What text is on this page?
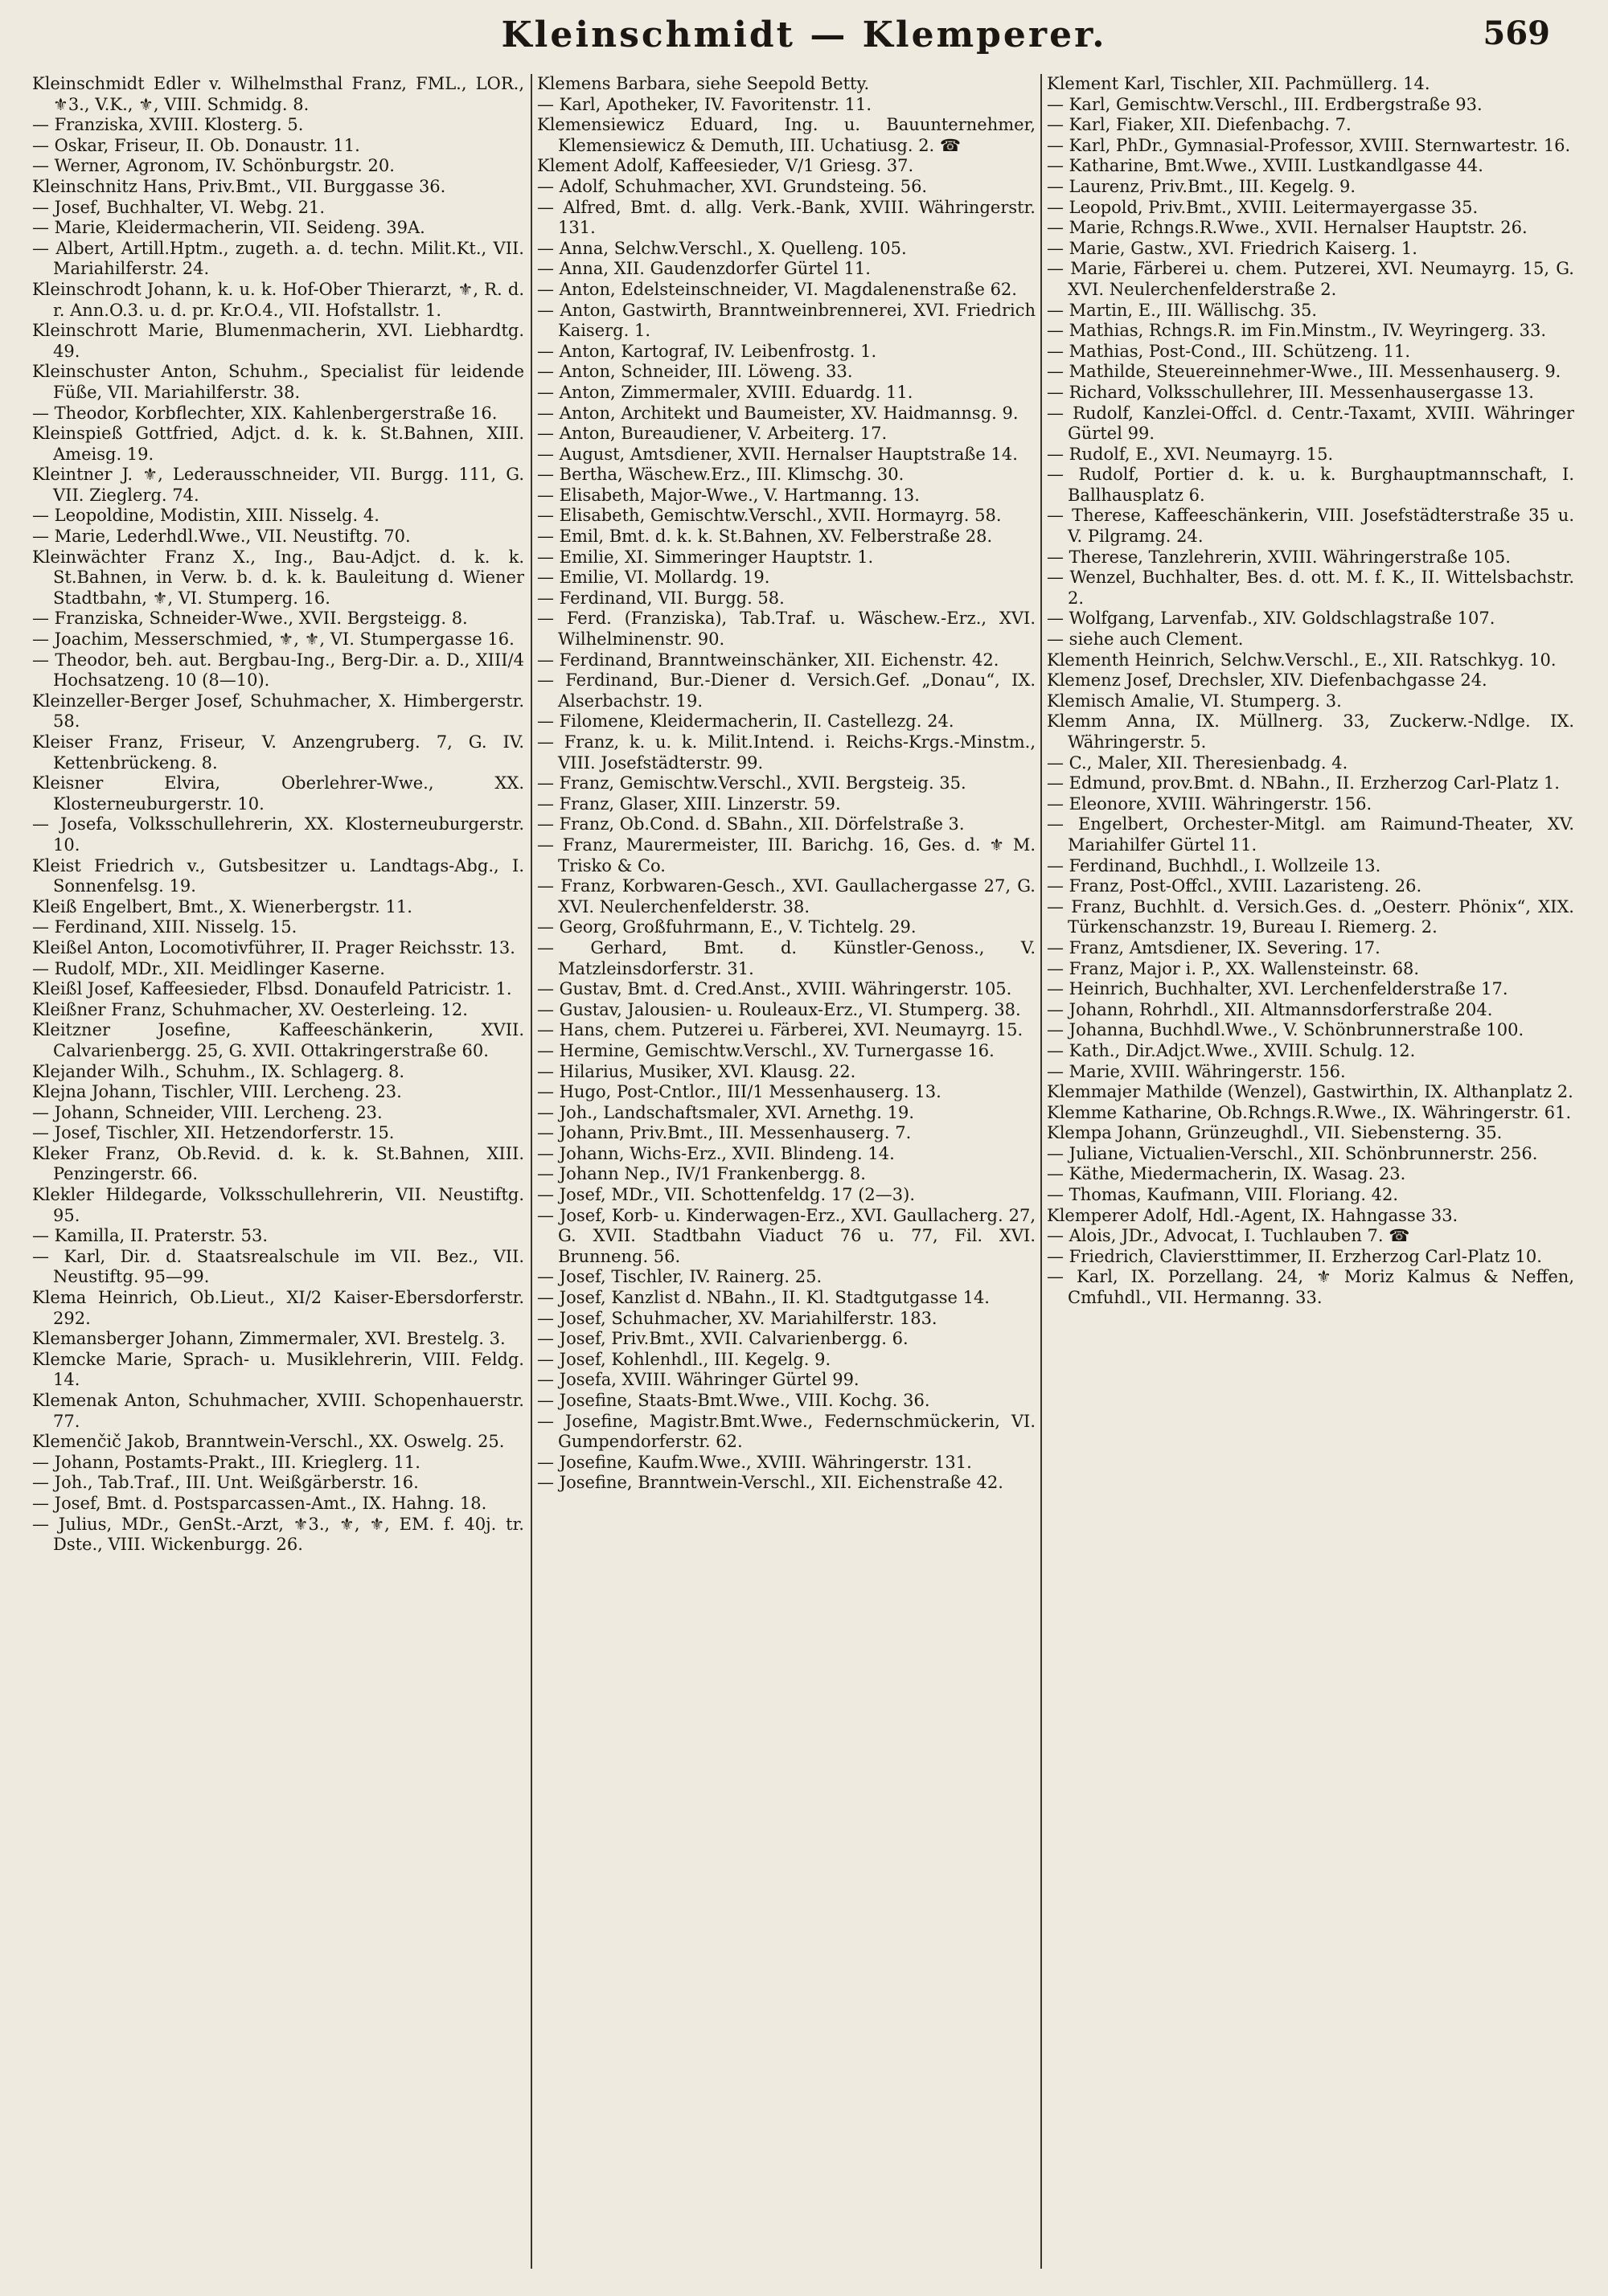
Kleinschmidt — Klemperer.	569
Kleinschmidt Edler v. Wilhelmsthal Franz, FML., LOR., ⚜3., V.K., ⚜, VIII. Schmidg. 8.
— Franziska, XVIII. Klosterg. 5.
— Oskar, Friseur, II. Ob. Donaustr. 11.
— Werner, Agronom, IV. Schönburgstr. 20.
Kleinschnitz Hans, Priv.Bmt., VII. Burggasse 36.
— Josef, Buchhalter, VI. Webg. 21.
— Marie, Kleidermacherin, VII. Seideng. 39A.
— Albert, Artill.Hptm., zugeth. a. d. techn. Milit.Kt., VII. Mariahilferstr. 24.
Kleinschrodt Johann, k. u. k. Hof-Ober Thierarzt, ⚜, R. d. r. Ann.O.3. u. d. pr. Kr.O.4., VII. Hofstallstr. 1.
Kleinschrott Marie, Blumenmacherin, XVI. Liebhardtg. 49.
Kleinschuster Anton, Schuhm., Specialist für leidende Füße, VII. Mariahilferstr. 38.
— Theodor, Korbflechter, XIX. Kahlenbergerstraße 16.
Kleinspieß Gottfried, Adjct. d. k. k. St.Bahnen, XIII. Ameisg. 19.
Kleintner J. ⚜, Lederausschneider, VII. Burgg. 111, G. VII. Zieglerg. 74.
— Leopoldine, Modistin, XIII. Nisselg. 4.
— Marie, Lederhdl.Wwe., VII. Neustiftg. 70.
Kleinwächter Franz X., Ing., Bau-Adjct. d. k. k. St.Bahnen, in Verw. b. d. k. k. Bauleitung d. Wiener Stadtbahn, ⚜, VI. Stumperg. 16.
— Franziska, Schneider-Wwe., XVII. Bergsteigg. 8.
— Joachim, Messerschmied, ⚜, ⚜, VI. Stumpergasse 16.
— Theodor, beh. aut. Bergbau-Ing., Berg-Dir. a. D., XIII/4 Hochsatzeng. 10 (8—10).
Kleinzeller-Berger Josef, Schuhmacher, X. Himbergerstr. 58.
Kleiser Franz, Friseur, V. Anzengruberg. 7, G. IV. Kettenbrückeng. 8.
Kleisner Elvira, Oberlehrer-Wwe., XX. Klosterneuburgerstr. 10.
— Josefa, Volksschullehrerin, XX. Klosterneuburgerstr. 10.
Kleist Friedrich v., Gutsbesitzer u. Landtags-Abg., I. Sonnenfelsg. 19.
Kleiß Engelbert, Bmt., X. Wienerbergstr. 11.
— Ferdinand, XIII. Nisselg. 15.
Kleißel Anton, Locomotivführer, II. Prager Reichsstr. 13.
— Rudolf, MDr., XII. Meidlinger Kaserne.
Kleißl Josef, Kaffeesieder, Flbsd. Donaufeld Patricistr. 1.
Kleißner Franz, Schuhmacher, XV. Oesterleing. 12.
Kleitzner Josefine, Kaffeeschänkerin, XVII. Calvarienbergg. 25, G. XVII. Ottakringerstraße 60.
Klejander Wilh., Schuhm., IX. Schlagerg. 8.
Klejna Johann, Tischler, VIII. Lercheng. 23.
— Johann, Schneider, VIII. Lercheng. 23.
— Josef, Tischler, XII. Hetzendorferstr. 15.
Kleker Franz, Ob.Revid. d. k. k. St.Bahnen, XIII. Penzingerstr. 66.
Klekler Hildegarde, Volksschullehrerin, VII. Neustiftg. 95.
— Kamilla, II. Praterstr. 53.
— Karl, Dir. d. Staatsrealschule im VII. Bez., VII. Neustiftg. 95—99.
Klema Heinrich, Ob.Lieut., XI/2 Kaiser-Ebersdorferstr. 292.
Klemansberger Johann, Zimmermaler, XVI. Brestelg. 3.
Klemcke Marie, Sprach- u. Musiklehrerin, VIII. Feldg. 14.
Klemenak Anton, Schuhmacher, XVIII. Schopenhauerstr. 77.
Klemenčič Jakob, Branntwein-Verschl., XX. Oswelg. 25.
— Johann, Postamts-Prakt., III. Krieglerg. 11.
— Joh., Tab.Traf., III. Unt. Weißgärberstr. 16.
— Josef, Bmt. d. Postsparcassen-Amt., IX. Hahng. 18.
— Julius, MDr., GenSt.-Arzt, ⚜3., ⚜, ⚜, EM. f. 40j. tr. Dste., VIII. Wickenburgg. 26.
Klemens Barbara, siehe Seepold Betty.
— Karl, Apotheker, IV. Favoritenstr. 11.
Klemensiewicz Eduard, Ing. u. Bauunternehmer, Klemensiewicz & Demuth, III. Uchatiusg. 2. ☎
Klement Adolf, Kaffeesieder, V/1 Griesg. 37.
— Adolf, Schuhmacher, XVI. Grundsteing. 56.
— Alfred, Bmt. d. allg. Verk.-Bank, XVIII. Währingerstr. 131.
— Anna, Selchw.Verschl., X. Quelleng. 105.
— Anna, XII. Gaudenzdorfer Gürtel 11.
— Anton, Edelsteinschneider, VI. Magdalenenstraße 62.
— Anton, Gastwirth, Branntweinbrennerei, XVI. Friedrich Kaiserg. 1.
— Anton, Kartograf, IV. Leibenfrostg. 1.
— Anton, Schneider, III. Löweng. 33.
— Anton, Zimmermaler, XVIII. Eduardg. 11.
— Anton, Architekt und Baumeister, XV. Haidmannsg. 9.
— Anton, Bureaudiener, V. Arbeiterg. 17.
— August, Amtsdiener, XVII. Hernalser Hauptstraße 14.
— Bertha, Wäschew.Erz., III. Klimschg. 30.
— Elisabeth, Major-Wwe., V. Hartmanng. 13.
— Elisabeth, Gemischtw.Verschl., XVII. Hormayrg. 58.
— Emil, Bmt. d. k. k. St.Bahnen, XV. Felberstraße 28.
— Emilie, XI. Simmeringer Hauptstr. 1.
— Emilie, VI. Mollardg. 19.
— Ferdinand, VII. Burgg. 58.
— Ferd. (Franziska), Tab.Traf. u. Wäschew.-Erz., XVI. Wilhelminenstr. 90.
— Ferdinand, Branntweinschänker, XII. Eichenstr. 42.
— Ferdinand, Bur.-Diener d. Versich.Gef. „Donau“, IX. Alserbachstr. 19.
— Filomene, Kleidermacherin, II. Castellezg. 24.
— Franz, k. u. k. Milit.Intend. i. Reichs-Krgs.-Minstm., VIII. Josefstädterstr. 99.
— Franz, Gemischtw.Verschl., XVII. Bergsteig. 35.
— Franz, Glaser, XIII. Linzerstr. 59.
— Franz, Ob.Cond. d. SBahn., XII. Dörfelstraße 3.
— Franz, Maurermeister, III. Barichg. 16, Ges. d. ⚜ M. Trisko & Co.
— Franz, Korbwaren-Gesch., XVI. Gaullachergasse 27, G. XVI. Neulerchenfelderstr. 38.
— Georg, Großfuhrmann, E., V. Tichtelg. 29.
— Gerhard, Bmt. d. Künstler-Genoss., V. Matzleinsdorferstr. 31.
— Gustav, Bmt. d. Cred.Anst., XVIII. Währingerstr. 105.
— Gustav, Jalousien- u. Rouleaux-Erz., VI. Stumperg. 38.
— Hans, chem. Putzerei u. Färberei, XVI. Neumayrg. 15.
— Hermine, Gemischtw.Verschl., XV. Turnergasse 16.
— Hilarius, Musiker, XVI. Klausg. 22.
— Hugo, Post-Cntlor., III/1 Messenhauserg. 13.
— Joh., Landschaftsmaler, XVI. Arnethg. 19.
— Johann, Priv.Bmt., III. Messenhauserg. 7.
— Johann, Wichs-Erz., XVII. Blindeng. 14.
— Johann Nep., IV/1 Frankenbergg. 8.
— Josef, MDr., VII. Schottenfeldg. 17 (2—3).
— Josef, Korb- u. Kinderwagen-Erz., XVI. Gaullacherg. 27, G. XVII. Stadtbahn Viaduct 76 u. 77, Fil. XVI. Brunneng. 56.
— Josef, Tischler, IV. Rainerg. 25.
— Josef, Kanzlist d. NBahn., II. Kl. Stadtgutgasse 14.
— Josef, Schuhmacher, XV. Mariahilferstr. 183.
— Josef, Priv.Bmt., XVII. Calvarienbergg. 6.
— Josef, Kohlenhdl., III. Kegelg. 9.
— Josefa, XVIII. Währinger Gürtel 99.
— Josefine, Staats-Bmt.Wwe., VIII. Kochg. 36.
— Josefine, Magistr.Bmt.Wwe., Federnschmückerin, VI. Gumpendorferstr. 62.
— Josefine, Kaufm.Wwe., XVIII. Währingerstr. 131.
— Josefine, Branntwein-Verschl., XII. Eichenstraße 42.
Klement Karl, Tischler, XII. Pachmüllerg. 14.
— Karl, Gemischtw.Verschl., III. Erdbergstraße 93.
— Karl, Fiaker, XII. Diefenbachg. 7.
— Karl, PhDr., Gymnasial-Professor, XVIII. Sternwartestr. 16.
— Katharine, Bmt.Wwe., XVIII. Lustkandlgasse 44.
— Laurenz, Priv.Bmt., III. Kegelg. 9.
— Leopold, Priv.Bmt., XVIII. Leitermayergasse 35.
— Marie, Rchngs.R.Wwe., XVII. Hernalser Hauptstr. 26.
— Marie, Gastw., XVI. Friedrich Kaiserg. 1.
— Marie, Färberei u. chem. Putzerei, XVI. Neumayrg. 15, G. XVI. Neulerchenfelderstraße 2.
— Martin, E., III. Wällischg. 35.
— Mathias, Rchngs.R. im Fin.Minstm., IV. Weyringerg. 33.
— Mathias, Post-Cond., III. Schützeng. 11.
— Mathilde, Steuereinnehmer-Wwe., III. Messenhauserg. 9.
— Richard, Volksschullehrer, III. Messenhausergasse 13.
— Rudolf, Kanzlei-Offcl. d. Centr.-Taxamt, XVIII. Währinger Gürtel 99.
— Rudolf, E., XVI. Neumayrg. 15.
— Rudolf, Portier d. k. u. k. Burghauptmannschaft, I. Ballhausplatz 6.
— Therese, Kaffeeschänkerin, VIII. Josefstädterstraße 35 u. V. Pilgramg. 24.
— Therese, Tanzlehrerin, XVIII. Währingerstraße 105.
— Wenzel, Buchhalter, Bes. d. ott. M. f. K., II. Wittelsbachstr. 2.
— Wolfgang, Larvenfab., XIV. Goldschlagstraße 107.
— siehe auch Clement.
Klementh Heinrich, Selchw.Verschl., E., XII. Ratschkyg. 10.
Klemenz Josef, Drechsler, XIV. Diefenbachgasse 24.
Klemisch Amalie, VI. Stumperg. 3.
Klemm Anna, IX. Müllnerg. 33, Zuckerw.-Ndlge. IX. Währingerstr. 5.
— C., Maler, XII. Theresienbadg. 4.
— Edmund, prov.Bmt. d. NBahn., II. Erzherzog Carl-Platz 1.
— Eleonore, XVIII. Währingerstr. 156.
— Engelbert, Orchester-Mitgl. am Raimund-Theater, XV. Mariahilfer Gürtel 11.
— Ferdinand, Buchhdl., I. Wollzeile 13.
— Franz, Post-Offcl., XVIII. Lazaristeng. 26.
— Franz, Buchhlt. d. Versich.Ges. d. „Oesterr. Phönix“, XIX. Türkenschanzstr. 19, Bureau I. Riemerg. 2.
— Franz, Amtsdiener, IX. Severing. 17.
— Franz, Major i. P., XX. Wallensteinstr. 68.
— Heinrich, Buchhalter, XVI. Lerchenfelderstraße 17.
— Johann, Rohrhdl., XII. Altmannsdorferstraße 204.
— Johanna, Buchhdl.Wwe., V. Schönbrunnerstraße 100.
— Kath., Dir.Adjct.Wwe., XVIII. Schulg. 12.
— Marie, XVIII. Währingerstr. 156.
Klemmajer Mathilde (Wenzel), Gastwirthin, IX. Althanplatz 2.
Klemme Katharine, Ob.Rchngs.R.Wwe., IX. Währingerstr. 61.
Klempa Johann, Grünzeughdl., VII. Siebensterng. 35.
— Juliane, Victualien-Verschl., XII. Schönbrunnerstr. 256.
— Käthe, Miedermacherin, IX. Wasag. 23.
— Thomas, Kaufmann, VIII. Floriang. 42.
Klemperer Adolf, Hdl.-Agent, IX. Hahngasse 33.
— Alois, JDr., Advocat, I. Tuchlauben 7. ☎
— Friedrich, Claviersttimmer, II. Erzherzog Carl-Platz 10.
— Karl, IX. Porzellang. 24, ⚜ Moriz Kalmus & Neffen, Cmfuhdl., VII. Hermanng. 33.
